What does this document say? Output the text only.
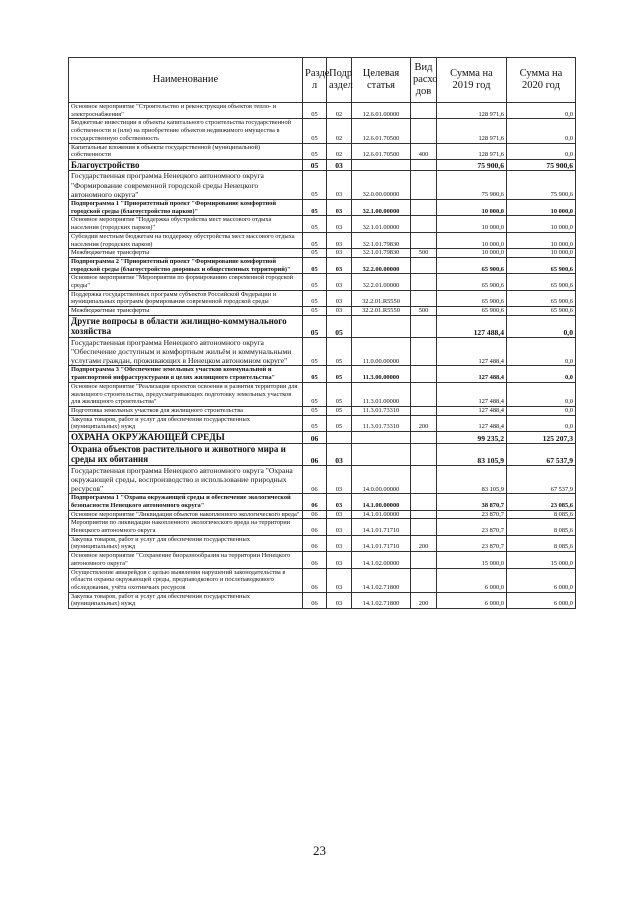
Наименование	Разде л	Подр аздел	Целевая статья	Вид расхо дов	Сумма на 2019 год	Сумма на 2020 год
Основное мероприятие "Строительство и реконструкция объектов тепло- и электроснабжения"	05	02	12.6.01.00000		128 971,6	0,0
Бюджетные инвестиции в объекты капитального строительства государственной собственности и (или) на приобретение объектов недвижимого имущества в государственную собственность	05	02	12.6.01.70500		128 971,6	0,0
Капитальные вложения в объекты государственной (муниципальной) собственности	05	02	12.6.01.70500	400	128 971,6	0,0
Благоустройство	05	03			75 900,6	75 900,6
Государственная программа Ненецкого автономного округа "Формирование современной городской среды Ненецкого автономного округа"	05	03	32.0.00.00000		75 900,6	75 900,6
Подпрограмма 1 "Приоритетный проект "Формирование комфортной городской среды (благоустройство парков)"	05	03	32.1.00.00000		10 000,0	10 000,0
Основное мероприятие "Поддержка обустройства мест массового отдыха населения (городских парков)"	05	03	32.1.01.00000		10 000,0	10 000,0
Субсидии местным бюджетам на поддержку обустройства мест массового отдыха населения (городских парков)	05	03	32.1.01.79830		10 000,0	10 000,0
Межбюджетные трансферты	05	03	32.1.01.79830	500	10 000,0	10 000,0
Подпрограмма 2 "Приоритетный проект "Формирование комфортной городской среды (благоустройство дворовых и общественных территорий)"	05	03	32.2.00.00000		65 900,6	65 900,6
Основное мероприятие "Мероприятия по формированию современной городской среды"	05	03	32.2.01.00000		65 900,6	65 900,6
Поддержка государственных программ субъектов Российской Федерации и муниципальных программ формирования современной городской среды	05	03	32.2.01.R5550		65 900,6	65 900,6
Межбюджетные трансферты	05	03	32.2.01.R5550	500	65 900,6	65 900,6
Другие вопросы в области жилищно-коммунального хозяйства	05	05			127 488,4	0,0
Государственная программа Ненецкого автономного округа "Обеспечение доступным и комфортным жильём и коммунальными услугами граждан, проживающих в Ненецком автономном округе"	05	05	11.0.00.00000		127 488,4	0,0
Подпрограмма 3 "Обеспечение земельных участков коммунальной и транспортной инфраструктурами в целях жилищного строительства"	05	05	11.3.00.00000		127 488,4	0,0
Основное мероприятие "Реализация проектов освоения и развития территории для жилищного строительства, предусматривающих подготовку земельных участков для жилищного строительства"	05	05	11.3.01.00000		127 488,4	0,0
Подготовка земельных участков для жилищного строительства	05	05	11.3.01.73310		127 488,4	0,0
Закупка товаров, работ и услуг для обеспечения государственных (муниципальных) нужд	05	05	11.3.01.73310	200	127 488,4	0,0
ОХРАНА ОКРУЖАЮЩЕЙ СРЕДЫ	06				99 235,2	125 207,3
Охрана объектов растительного и животного мира и среды их обитания	06	03			83 105,9	67 537,9
Государственная программа Ненецкого автономного округа "Охрана окружающей среды, воспроизводство и использование природных ресурсов"	06	03	14.0.00.00000		83 105,9	67 537,9
Подпрограмма 1 "Охрана окружающей среды и обеспечение экологической безопасности Ненецкого автономного округа"	06	03	14.1.00.00000		38 870,7	23 085,6
Основное мероприятие "Ликвидация объектов накопленного экологического вреда"	06	03	14.1.01.00000		23 870,7	8 085,6
Мероприятия по ликвидации накопленного экологического вреда на территории Ненецкого автономного округа	06	03	14.1.01.71710		23 870,7	8 085,6
Закупка товаров, работ и услуг для обеспечения государственных (муниципальных) нужд	06	03	14.1.01.71710	200	23 870,7	8 085,6
Основное мероприятие "Сохранение биоразнообразия на территории Ненецкого автономного округа"	06	03	14.1.02.00000		15 000,0	15 000,0
Осуществление авиарейдов с целью выявления нарушений законодательства в области охраны окружающей среды, предпаводкового и послепаводкового обследования, учёта охотничьих ресурсов	06	03	14.1.02.71800		6 000,0	6 000,0
Закупка товаров, работ и услуг для обеспечения государственных (муниципальных) нужд	06	03	14.1.02.71800	200	6 000,0	6 000,0
23
